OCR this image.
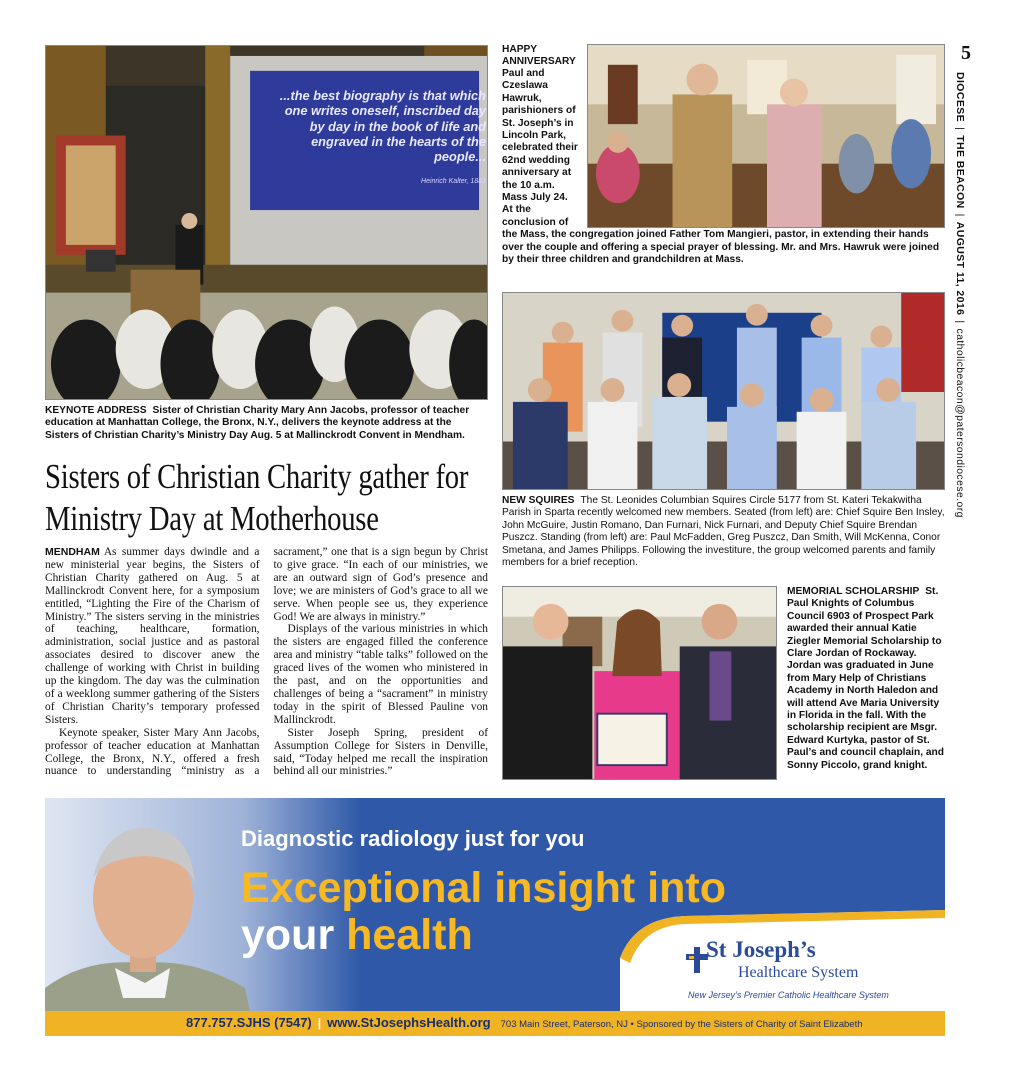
5
DIOCESE|THE BEACON|AUGUST 11, 2016|catholicbeacon@patersondiocese.org
...the best biography is that which one writes oneself, inscribed day by day in the book of life and engraved in the hearts of the people...
Heinrich Kalter, 1881
KEYNOTE ADDRESS Sister of Christian Charity Mary Ann Jacobs, professor of teacher education at Manhattan College, the Bronx, N.Y., delivers the keynote address at the Sisters of Christian Charity’s Ministry Day Aug. 5 at Mallinckrodt Convent in Mendham.
Sisters of Christian Charity gather for Ministry Day at Motherhouse

MENDHAM As summer days dwindle and a new ministerial year begins, the Sisters of Christian Charity gathered on Aug. 5 at Mallinckrodt Convent here, for a symposium entitled, “Lighting the Fire of the Charism of Ministry.” The sisters serving in the ministries of teaching, healthcare, formation, administration, social justice and as pastoral associates desired to discover anew the challenge of working with Christ in building up the kingdom. The day was the culmination of a weeklong summer gathering of the Sisters of Christian Charity’s temporary professed Sisters.

Keynote speaker, Sister Mary Ann Jacobs, professor of teacher education at Manhattan College, the Bronx, N.Y., offered a fresh nuance to understanding “ministry as a sacrament,” one that is a sign begun by Christ to give grace. “In each of our ministries, we are an outward sign of God’s presence and love; we are ministers of God’s grace to all we serve. When people see us, they experience God! We are always in ministry.”

Displays of the various ministries in which the sisters are engaged filled the conference area and ministry “table talks” followed on the graced lives of the women who ministered in the past, and on the opportunities and challenges of being a “sacrament” in ministry today in the spirit of Blessed Pauline von Mallinckrodt.

Sister Joseph Spring, president of Assumption College for Sisters in Denville, said, “Today helped me recall the inspiration behind all our ministries.”

HAPPY ANNIVERSARY
Paul and Czeslawa Hawruk, parishioners of St. Joseph’s in Lincoln Park, celebrated their 62nd wedding anniversary at the 10 a.m. Mass July 24. At the conclusion of
the Mass, the congregation joined Father Tom Mangieri, pastor, in extending their hands over the couple and offering a special prayer of blessing. Mr. and Mrs. Hawruk were joined by their three children and grandchildren at Mass.
NEW SQUIRES The St. Leonides Columbian Squires Circle 5177 from St. Kateri Tekakwitha Parish in Sparta recently welcomed new members. Seated (from left) are: Chief Squire Ben Insley, John McGuire, Justin Romano, Dan Furnari, Nick Furnari, and Deputy Chief Squire Brendan Puszcz. Standing (from left) are: Paul McFadden, Greg Puszcz, Dan Smith, Will McKenna, Conor Smetana, and James Philipps. Following the investiture, the group welcomed parents and family members for a brief reception.
MEMORIAL SCHOLARSHIP St. Paul Knights of Columbus Council 6903 of Prospect Park awarded their annual Katie Ziegler Memorial Scholarship to Clare Jordan of Rockaway. Jordan was graduated in June from Mary Help of Christians Academy in North Haledon and will attend Ave Maria University in Florida in the fall. With the scholarship recipient are Msgr. Edward Kurtyka, pastor of St. Paul’s and council chaplain, and Sonny Piccolo, grand knight.
Diagnostic radiology just for you
Exceptional insight into
your health	St Joseph’s
Healthcare System
New Jersey’s Premier Catholic Healthcare System
877.757.SJHS (7547) | www.StJosephsHealth.org 703 Main Street, Paterson, NJ • Sponsored by the Sisters of Charity of Saint Elizabeth
